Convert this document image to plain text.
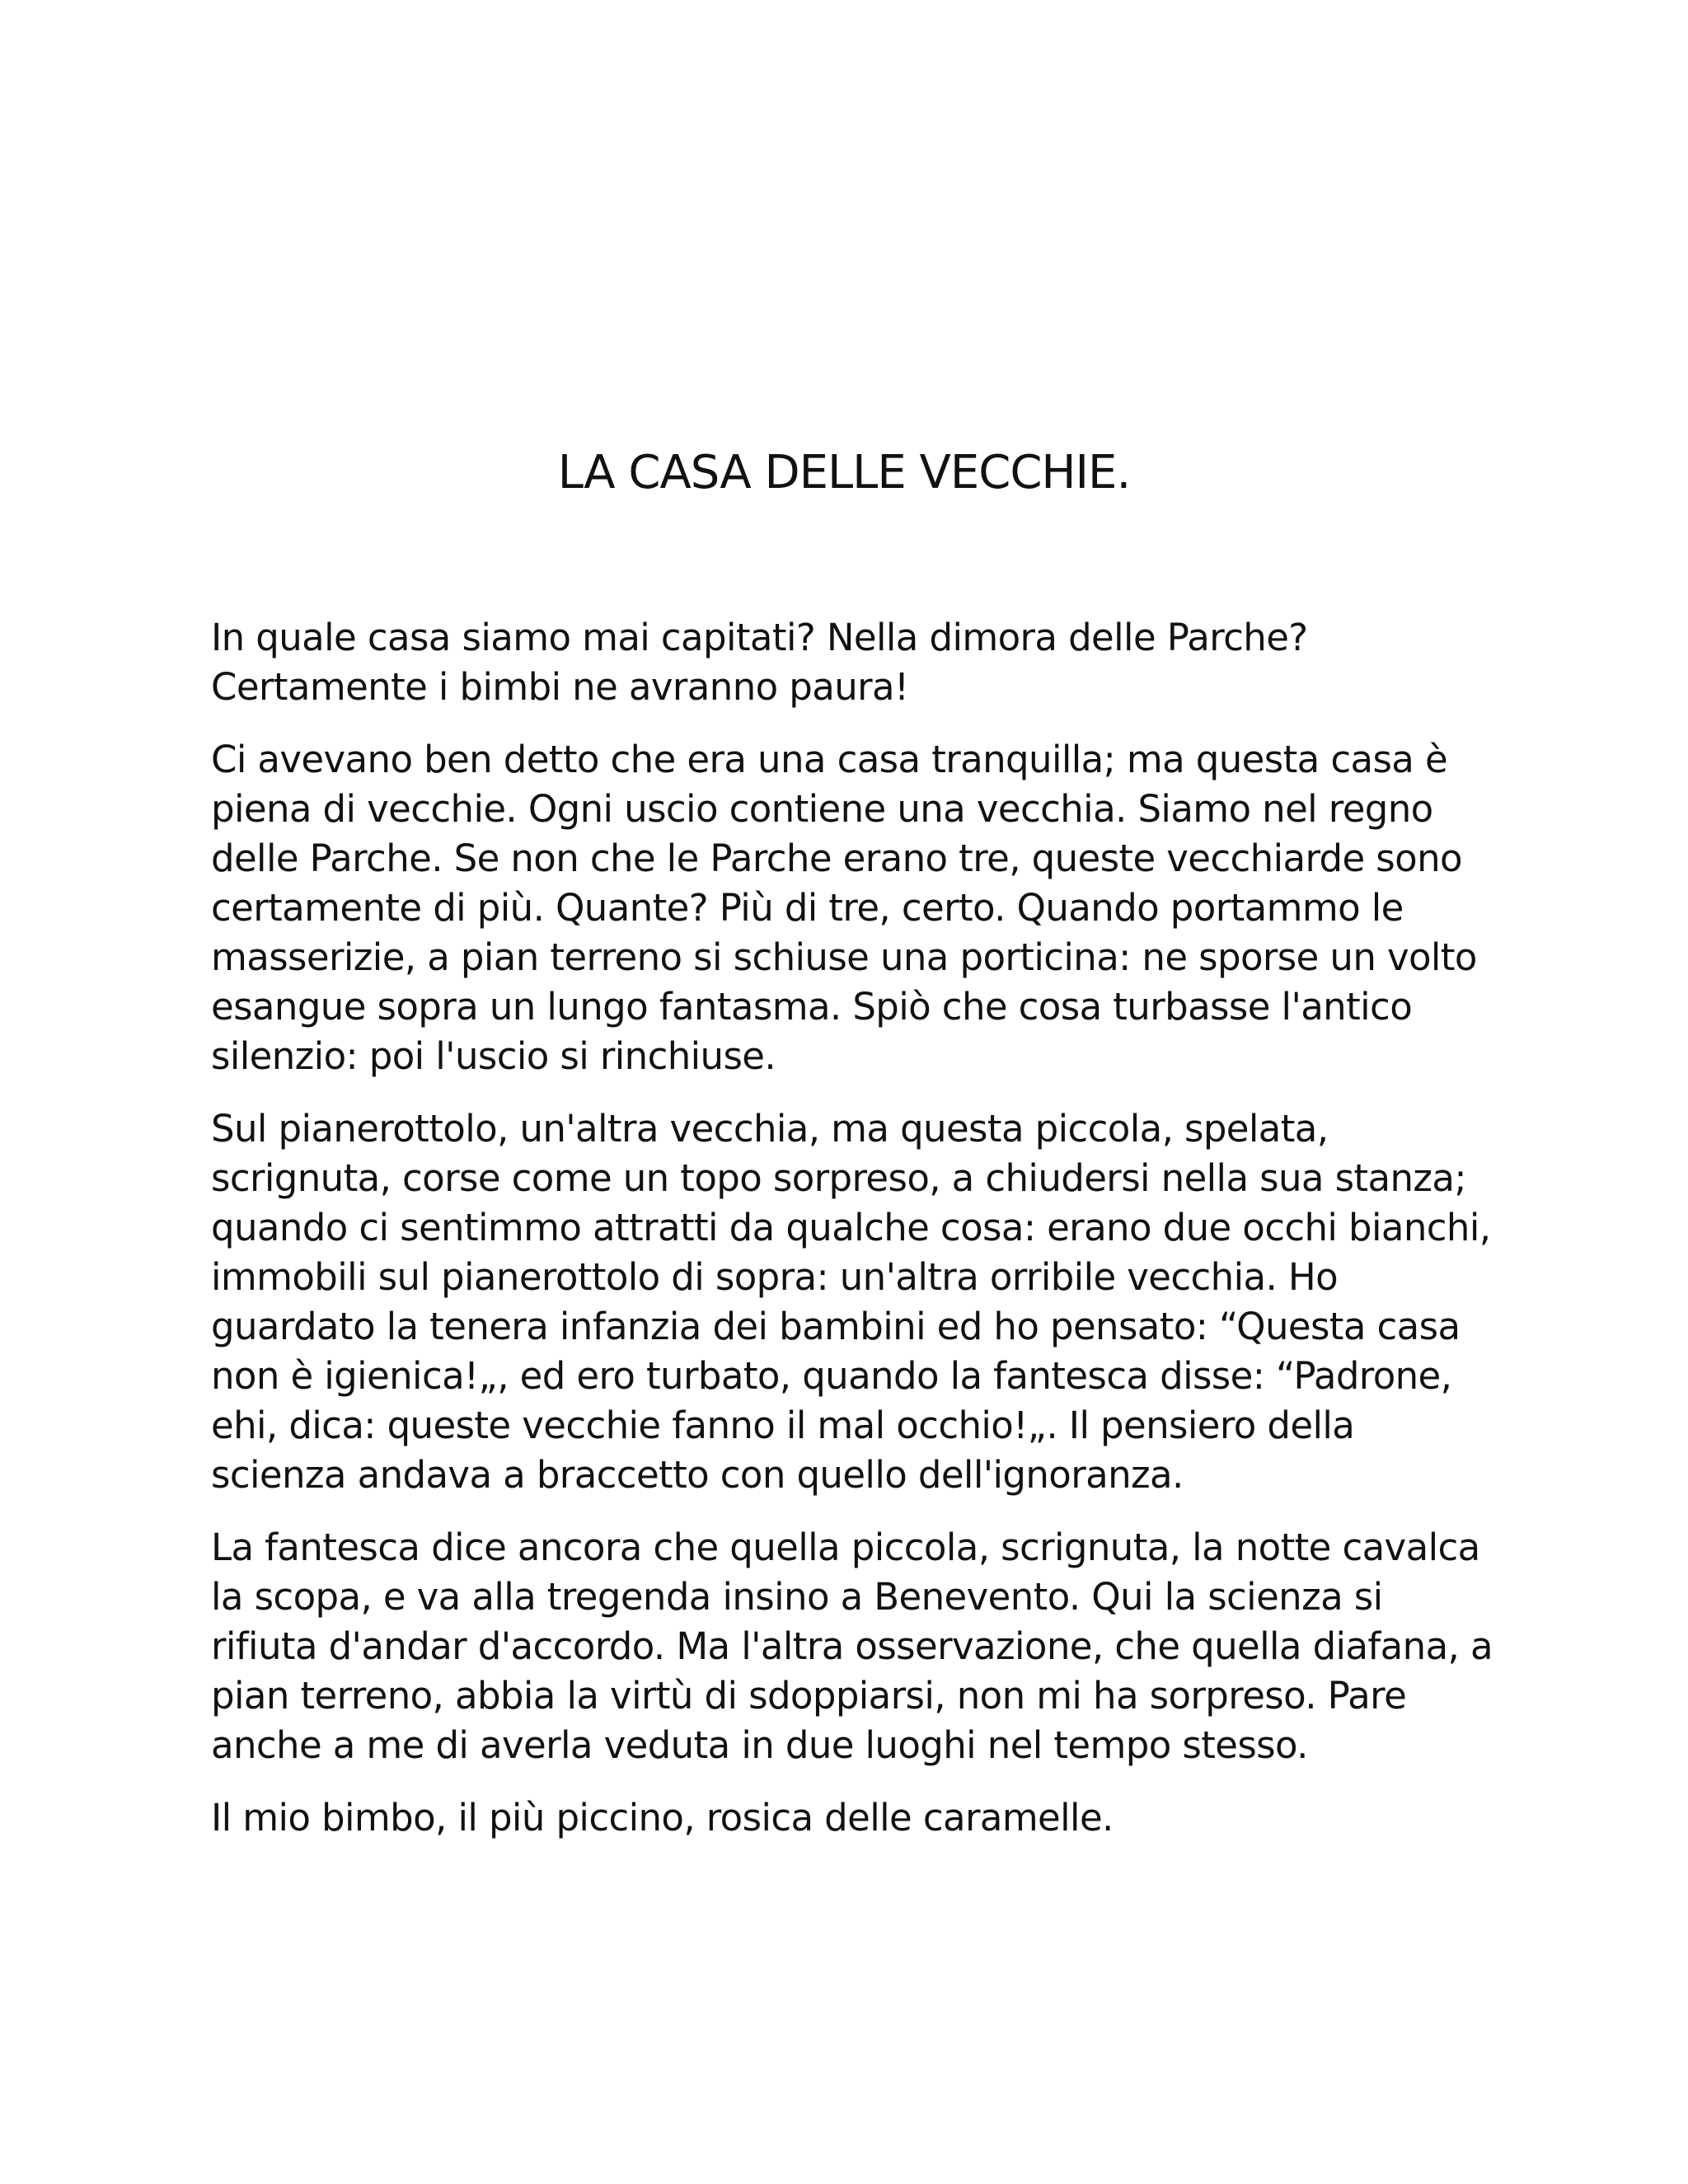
LA CASA DELLE VECCHIE.

In quale casa siamo mai capitati? Nella dimora delle Parche? Certamente i bimbi ne avranno paura!

Ci avevano ben detto che era una casa tranquilla; ma questa casa è piena di vecchie. Ogni uscio contiene una vecchia. Siamo nel regno delle Parche. Se non che le Parche erano tre, queste vecchiarde sono certamente di più. Quante? Più di tre, certo. Quando portammo le masserizie, a pian terreno si schiuse una porticina: ne sporse un volto esangue sopra un lungo fantasma. Spiò che cosa turbasse l'antico silenzio: poi l'uscio si rinchiuse.

Sul pianerottolo, un'altra vecchia, ma questa piccola, spelata, scrignuta, corse come un topo sorpreso, a chiudersi nella sua stanza; quando ci sentimmo attratti da qualche cosa: erano due occhi bianchi, immobili sul pianerottolo di sopra: un'altra orribile vecchia. Ho guardato la tenera infanzia dei bambini ed ho pensato: “Questa casa non è igienica!„, ed ero turbato, quando la fantesca disse: “Padrone, ehi, dica: queste vecchie fanno il mal occhio!„. Il pensiero della scienza andava a braccetto con quello dell'ignoranza.

La fantesca dice ancora che quella piccola, scrignuta, la notte cavalca la scopa, e va alla tregenda insino a Benevento. Qui la scienza si rifiuta d'andar d'accordo. Ma l'altra osservazione, che quella diafana, a pian terreno, abbia la virtù di sdoppiarsi, non mi ha sorpreso. Pare anche a me di averla veduta in due luoghi nel tempo stesso.

Il mio bimbo, il più piccino, rosica delle caramelle.
